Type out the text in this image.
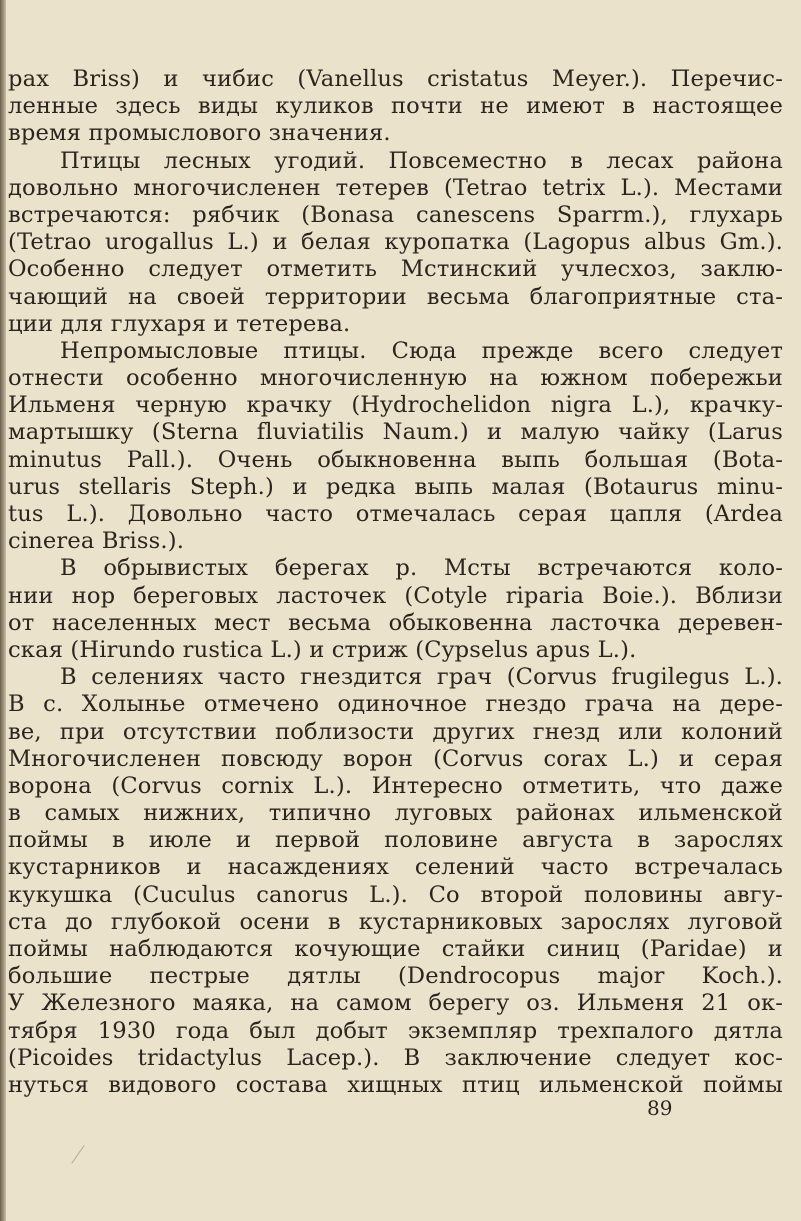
рах Briss) и чибис (Vanellus cristatus Meyer.). Перечис-
ленные здесь виды куликов почти не имеют в настоящее
время промыслового значения.
Птицы лесных угодий. Повсеместно в лесах района
довольно многочисленен тетерев (Tetrao tetrix L.). Местами
встречаются: рябчик (Bonasa canescens Sparrm.), глухарь
(Tetrao urogallus L.) и белая куропатка (Lagopus albus Gm.).
Особенно следует отметить Мстинский учлесхоз, заклю-
чающий на своей территории весьма благоприятные ста-
ции для глухаря и тетерева.
Непромысловые птицы. Сюда прежде всего следует
отнести особенно многочисленную на южном побережьи
Ильменя черную крачку (Hydrochelidon nigra L.), крачку-
мартышку (Sterna fluviatilis Naum.) и малую чайку (Larus
minutus Pall.). Очень обыкновенна выпь большая (Bota-
urus stellaris Steph.) и редка выпь малая (Botaurus minu-
tus L.). Довольно часто отмечалась серая цапля (Ardea
cinerea Briss.).
В обрывистых берегах р. Мсты встречаются коло-
нии нор береговых ласточек (Cotyle riparia Boie.). Вблизи
от населенных мест весьма обыковенна ласточка деревен-
ская (Hirundo rustica L.) и стриж (Cypselus apus L.).
В селениях часто гнездится грач (Corvus frugilegus L.).
В с. Холынье отмечено одиночное гнездо грача на дере-
ве, при отсутствии поблизости других гнезд или колоний
Многочисленен повсюду ворон (Corvus corax L.) и серая
ворона (Corvus cornix L.). Интересно отметить, что даже
в самых нижних, типично луговых районах ильменской
поймы в июле и первой половине августа в зарослях
кустарников и насаждениях селений часто встречалась
кукушка (Cuculus canorus L.). Со второй половины авгу-
ста до глубокой осени в кустарниковых зарослях луговой
поймы наблюдаются кочующие стайки синиц (Paridae) и
большие пестрые дятлы (Dendrocopus major Koch.).
У Железного маяка, на самом берегу оз. Ильменя 21 ок-
тября 1930 года был добыт экземпляр трехпалого дятла
(Picoides tridactylus Lacep.). В заключение следует кос-
нуться видового состава хищных птиц ильменской поймы
89
